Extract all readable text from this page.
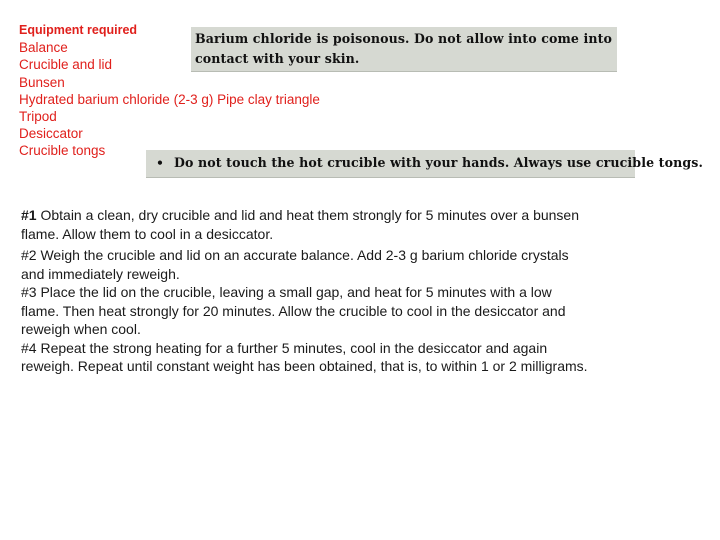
Equipment required
Balance
Crucible and lid
Bunsen
Hydrated barium chloride (2-3 g) Pipe clay triangle
Tripod
Desiccator
Crucible tongs
Barium chloride is poisonous. Do not allow into come into contact with your skin.
• Do not touch the hot crucible with your hands. Always use crucible tongs.
#1 Obtain a clean, dry crucible and lid and heat them strongly for 5 minutes over a bunsen flame. Allow them to cool in a desiccator.

#2 Weigh the crucible and lid on an accurate balance. Add 2-3 g barium chloride crystals and immediately reweigh.

#3 Place the lid on the crucible, leaving a small gap, and heat for 5 minutes with a low flame. Then heat strongly for 20 minutes. Allow the crucible to cool in the desiccator and reweigh when cool.

#4 Repeat the strong heating for a further 5 minutes, cool in the desiccator and again reweigh. Repeat until constant weight has been obtained, that is, to within 1 or 2 milligrams.
